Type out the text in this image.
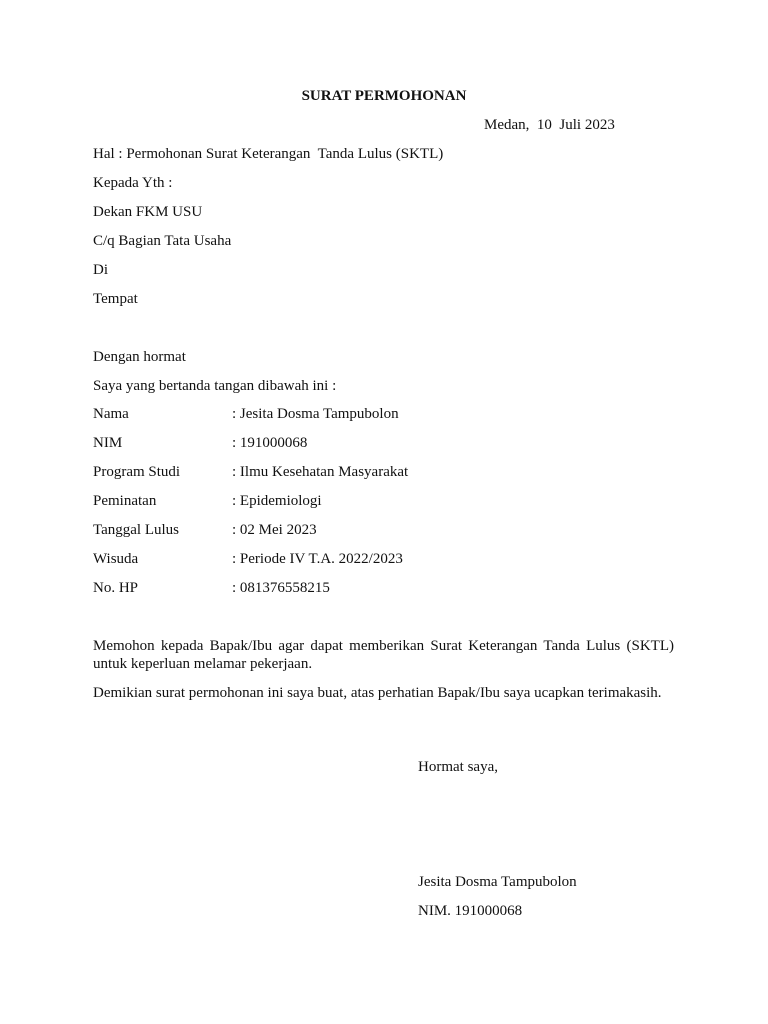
SURAT PERMOHONAN
Medan,  10  Juli 2023
Hal : Permohonan Surat Keterangan  Tanda Lulus (SKTL)
Kepada Yth :
Dekan FKM USU
C/q Bagian Tata Usaha
Di
Tempat
Dengan hormat
Saya yang bertanda tangan dibawah ini :
Nama	: Jesita Dosma Tampubolon
NIM	: 191000068
Program Studi	: Ilmu Kesehatan Masyarakat
Peminatan	: Epidemiologi
Tanggal Lulus	: 02 Mei 2023
Wisuda	: Periode IV T.A. 2022/2023
No. HP	: 081376558215

Memohon kepada Bapak/Ibu agar dapat memberikan Surat Keterangan Tanda Lulus (SKTL) untuk keperluan melamar pekerjaan.

Demikian surat permohonan ini saya buat, atas perhatian Bapak/Ibu saya ucapkan terimakasih.

Hormat saya,
Jesita Dosma Tampubolon
NIM. 191000068
